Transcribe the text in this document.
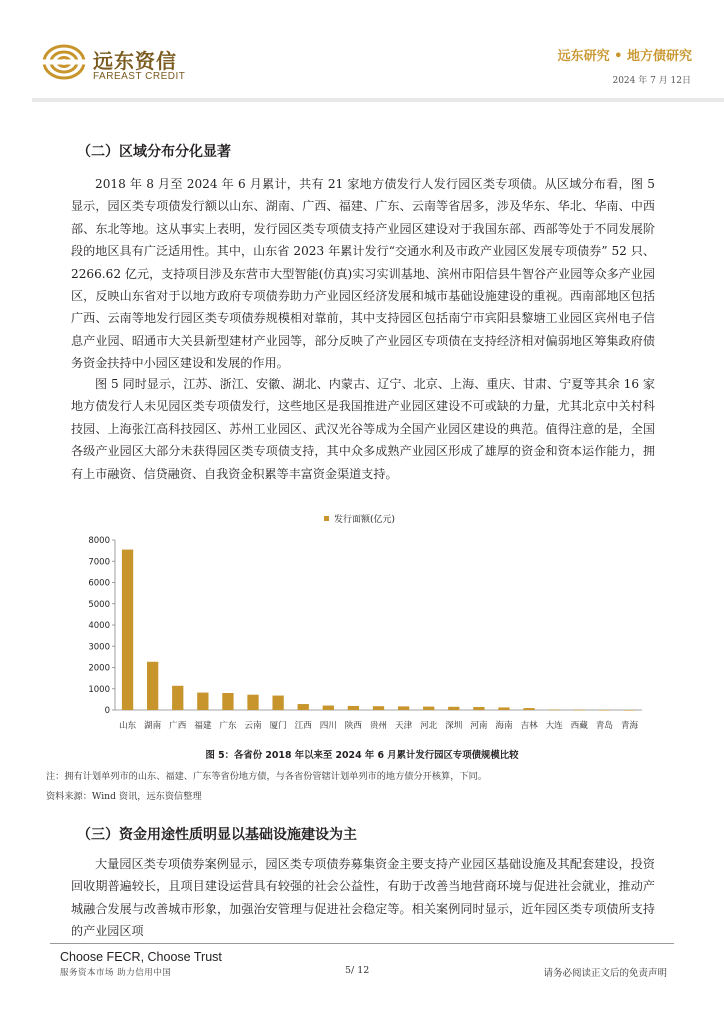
远东资信
FAREAST CREDIT
远东研究 • 地方债研究
2024 年 7 月 12日
（二）区域分布分化显著
2018 年 8 月至 2024 年 6 月累计，共有 21 家地方债发行人发行园区类专项债。从区域分布看，图 5 显示，园区类专项债发行额以山东、湖南、广西、福建、广东、云南等省居多，涉及华东、华北、华南、中西部、东北等地。这从事实上表明，发行园区类专项债支持产业园区建设对于我国东部、西部等处于不同发展阶段的地区具有广泛适用性。其中，山东省 2023 年累计发行“交通水利及市政产业园区发展专项债券” 52 只、2266.62 亿元，支持项目涉及东营市大型智能(仿真)实习实训基地、滨州市阳信县牛智谷产业园等众多产业园区，反映山东省对于以地方政府专项债券助力产业园区经济发展和城市基础设施建设的重视。西南部地区包括广西、云南等地发行园区类专项债券规模相对靠前，其中支持园区包括南宁市宾阳县黎塘工业园区宾州电子信息产业园、昭通市大关县新型建材产业园等，部分反映了产业园区专项债在支持经济相对偏弱地区筹集政府债务资金扶持中小园区建设和发展的作用。
图 5 同时显示，江苏、浙江、安徽、湖北、内蒙古、辽宁、北京、上海、重庆、甘肃、宁夏等其余 16 家地方债发行人未见园区类专项债发行，这些地区是我国推进产业园区建设不可或缺的力量，尤其北京中关村科技园、上海张江高科技园区、苏州工业园区、武汉光谷等成为全国产业园区建设的典范。值得注意的是，全国各级产业园区大部分未获得园区类专项债支持，其中众多成熟产业园区形成了雄厚的资金和资本运作能力，拥有上市融资、信贷融资、自我资金积累等丰富资金渠道支持。
发行面额(亿元)
0
1000
2000
3000
4000
5000
6000
7000
8000
山东 湖南 广西 福建 广东 云南 厦门 江西 四川 陕西 贵州 天津 河北 深圳 河南 海南 吉林 大连 西藏 青岛 青海
图 5：各省份 2018 年以来至 2024 年 6 月累计发行园区专项债规模比较
注：拥有计划单列市的山东、福建、广东等省份地方债，与各省份管辖计划单列市的地方债分开核算，下同。
资料来源：Wind 资讯，远东资信整理
（三）资金用途性质明显以基础设施建设为主
大量园区类专项债券案例显示，园区类专项债券募集资金主要支持产业园区基础设施及其配套建设，投资回收期普遍较长，且项目建设运营具有较强的社会公益性，有助于改善当地营商环境与促进社会就业，推动产城融合发展与改善城市形象，加强治安管理与促进社会稳定等。相关案例同时显示，近年园区类专项债所支持的产业园区项
Choose FECR, Choose Trust
服务资本市场 助力信用中国	5/ 12	请务必阅读正文后的免责声明
